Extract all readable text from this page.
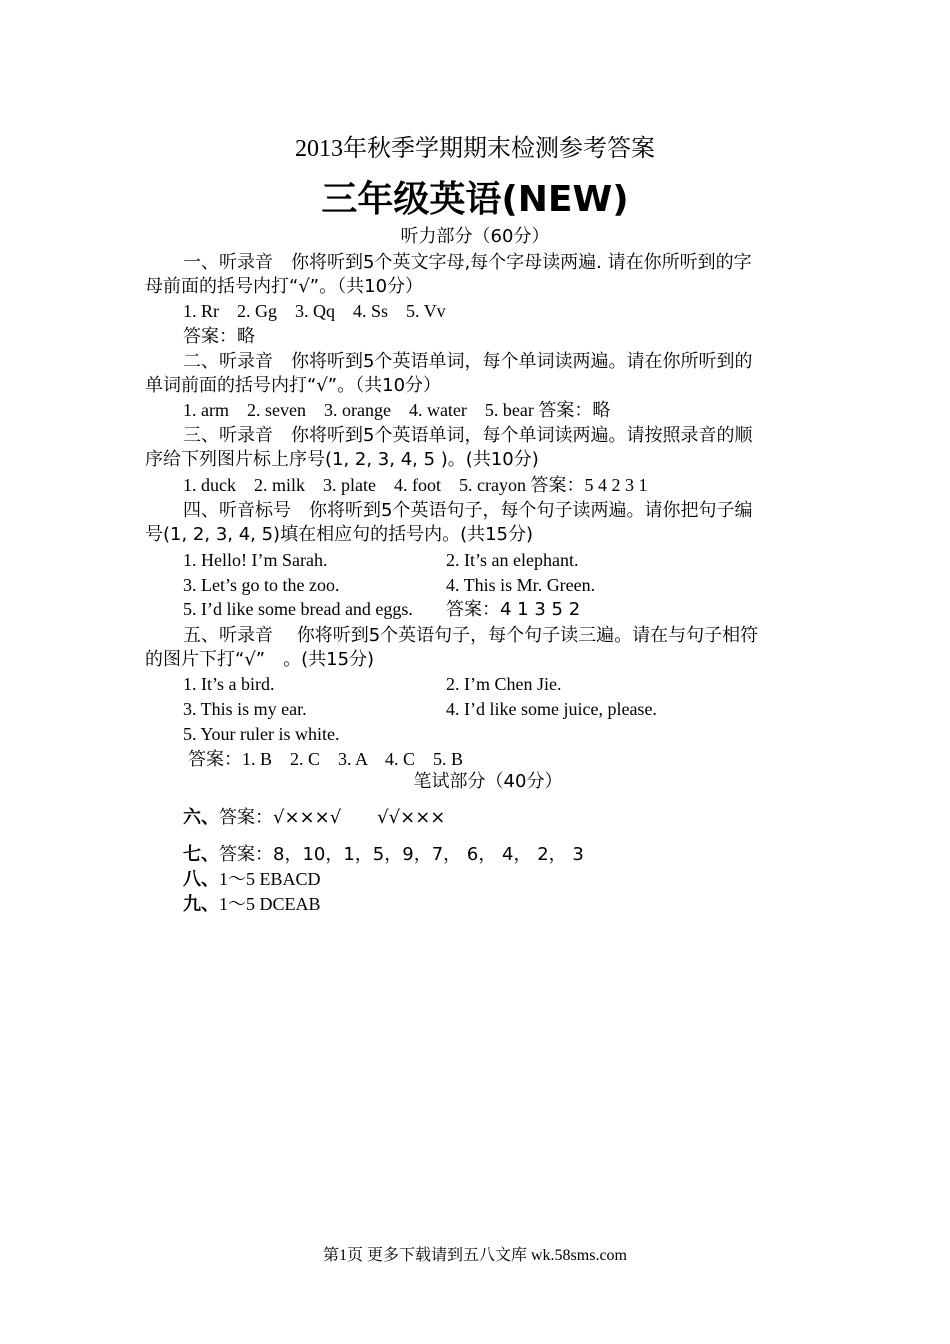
2013年秋季学期期末检测参考答案
三年级英语(NEW)
听力部分（60分）
一、听录音　你将听到5个英文字母,每个字母读两遍. 请在你所听到的字
母前面的括号内打“√”。（共10分）
1. Rr　2. Gg　3. Qq　4. Ss　5. Vv
答案：略
二、听录音　你将听到5个英语单词，每个单词读两遍。请在你所听到的
单词前面的括号内打“√”。（共10分）
1. arm　2. seven　3. orange　4. water　5. bear 答案：略
三、听录音　你将听到5个英语单词，每个单词读两遍。请按照录音的顺
序给下列图片标上序号(1, 2, 3, 4, 5 )。(共10分)
1. duck　2. milk　3. plate　4. foot　5. crayon 答案：5 4 2 3 1
四、听音标号　你将听到5个英语句子，每个句子读两遍。请你把句子编
号(1, 2, 3, 4, 5)填在相应句的括号内。(共15分)
1. Hello! I’m Sarah.	2. It’s an elephant.
3. Let’s go to the zoo.	4. This is Mr. Green.
5. I’d like some bread and eggs. 答案：4 1 3 5 2
五、听录音　 你将听到5个英语句子，每个句子读三遍。请在与句子相符
的图片下打“√”　。(共15分)
1. It’s a bird.	2. I’m Chen Jie.
3. This is my ear.	4. I’d like some juice, please.
5. Your ruler is white.
答案：1. B　2. C　3. A　4. C　5. B
笔试部分（40分）
六、答案：√×××√　　√√×××
七、答案：8，10，1，5，9，7， 6， 4， 2， 3
八、1～5 EBACD
九、1～5 DCEAB
第1页 更多下载请到五八文库 wk.58sms.com
